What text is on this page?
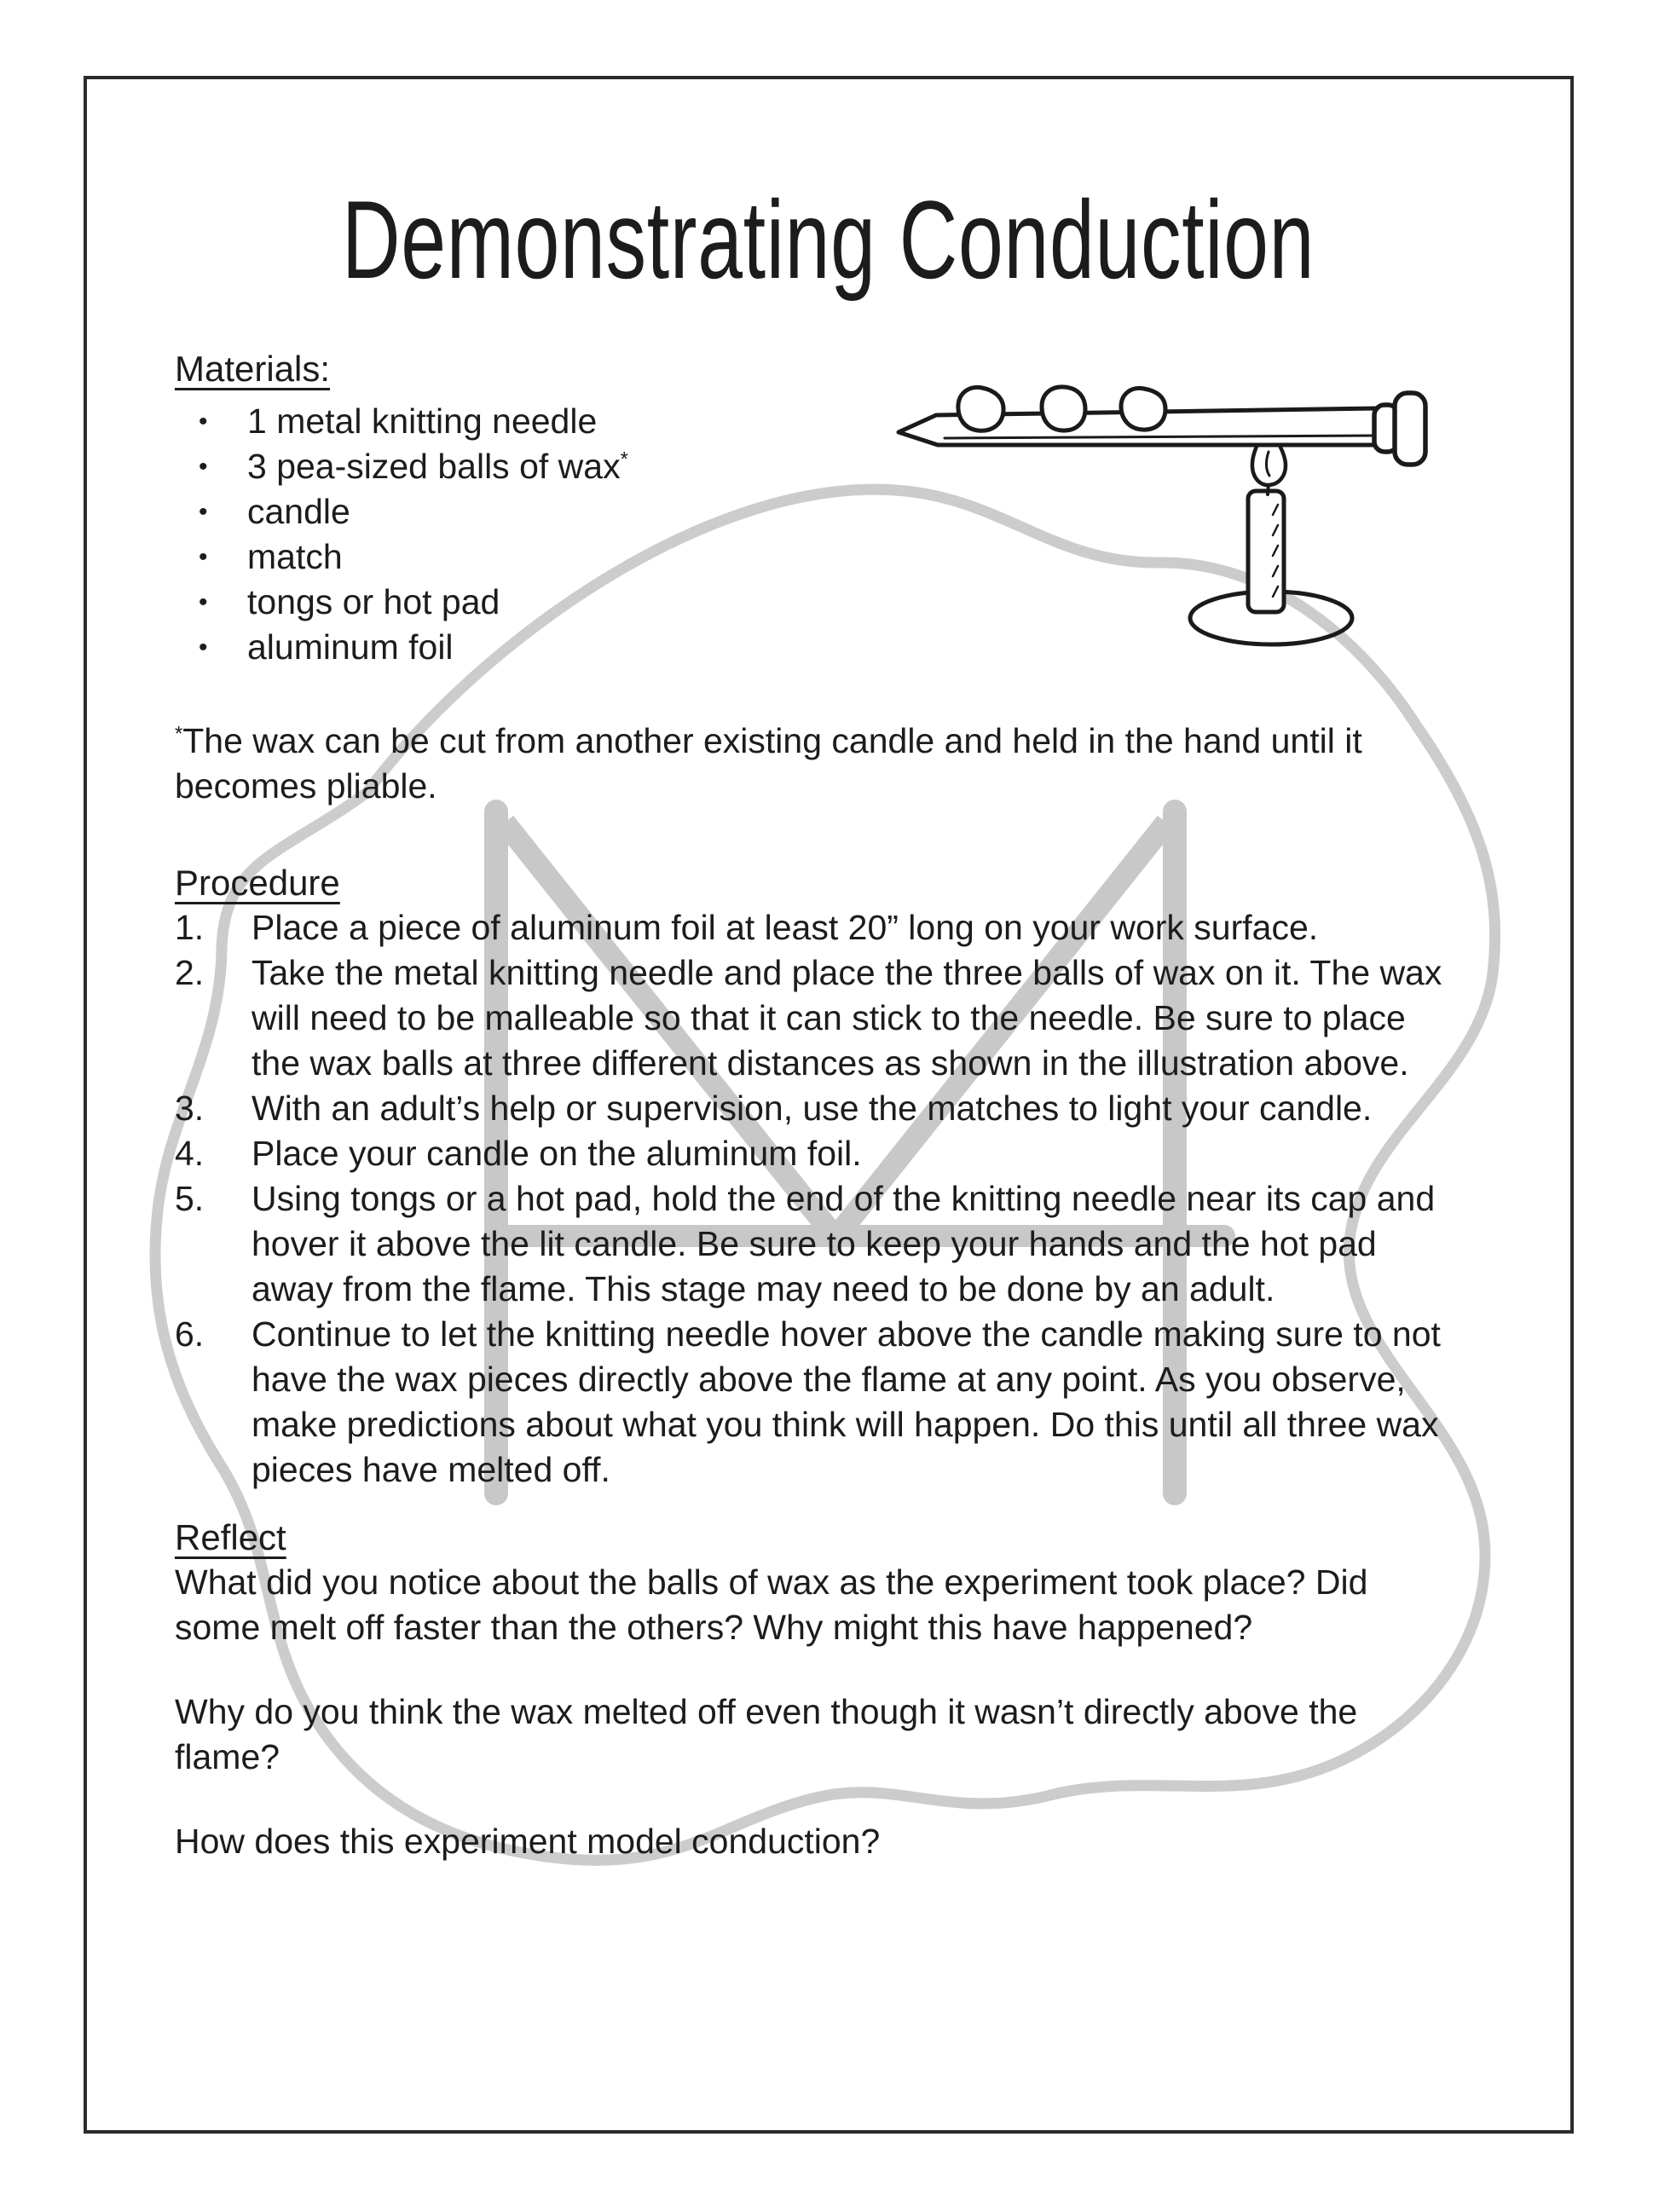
Demonstrating Conduction
Materials:
•	1 metal knitting needle
•	3 pea-sized balls of wax*
•	candle
•	match
•	tongs or hot pad
•	aluminum foil
*The wax can be cut from another existing candle and held in the hand until it becomes pliable.
Procedure
1.	Place a piece of aluminum foil at least 20” long on your work surface.
2.	Take the metal knitting needle and place the three balls of wax on it. The wax will need to be malleable so that it can stick to the needle. Be sure to place the wax balls at three different distances as shown in the illustration above.
3.	With an adult’s help or supervision, use the matches to light your candle.
4.	Place your candle on the aluminum foil.
5.	Using tongs or a hot pad, hold the end of the knitting needle near its cap and hover it above the lit candle. Be sure to keep your hands and the hot pad away from the flame. This stage may need to be done by an adult.
6.	Continue to let the knitting needle hover above the candle making sure to not have the wax pieces directly above the flame at any point. As you observe, make predictions about what you think will happen. Do this until all three wax pieces have melted off.
Reflect

What did you notice about the balls of wax as the experiment took place? Did some melt off faster than the others? Why might this have happened?

Why do you think the wax melted off even though it wasn’t directly above the flame?

How does this experiment model conduction?
